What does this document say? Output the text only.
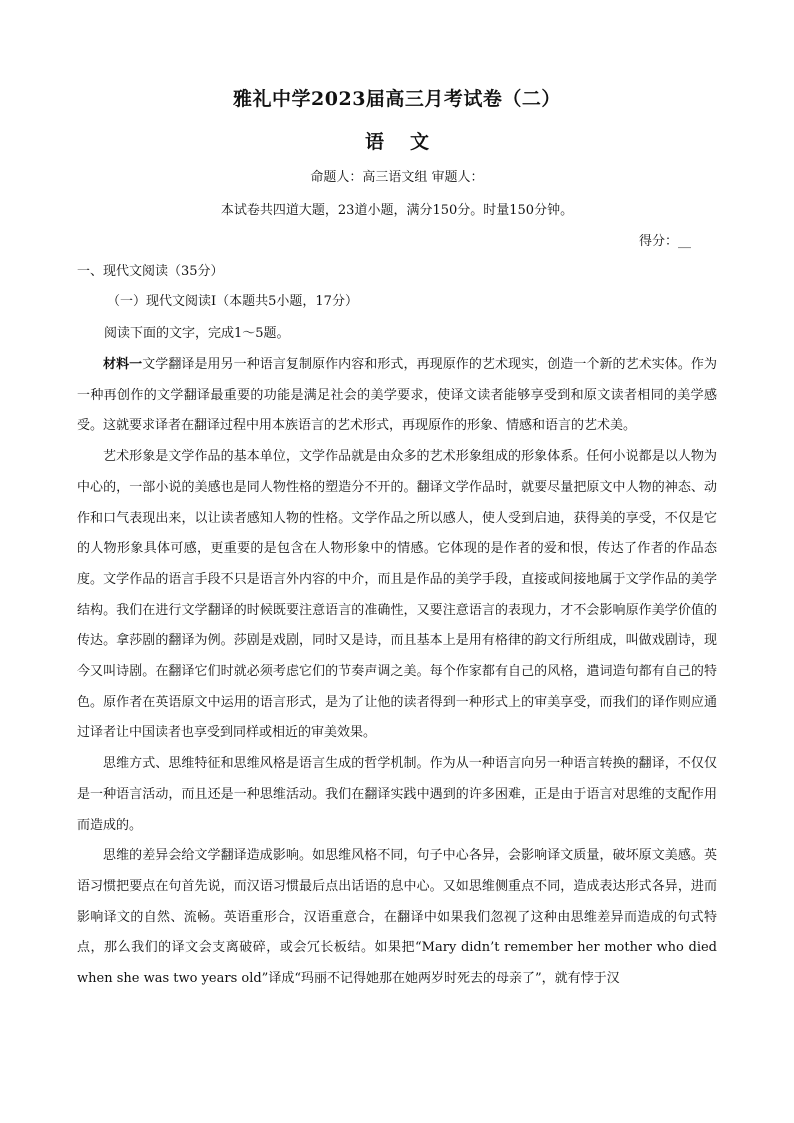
雅礼中学2023届高三月考试卷（二）
语文
命题人：高三语文组 审题人：
本试卷共四道大题，23道小题，满分150分。时量150分钟。
得分：__
一、现代文阅读（35分）
（一）现代文阅读Ⅰ（本题共5小题，17分）
阅读下面的文字，完成1～5题。

材料一文学翻译是用另一种语言复制原作内容和形式，再现原作的艺术现实，创造一个新的艺术实体。作为一种再创作的文学翻译最重要的功能是满足社会的美学要求，使译文读者能够享受到和原文读者相同的美学感受。这就要求译者在翻译过程中用本族语言的艺术形式，再现原作的形象、情感和语言的艺术美。

艺术形象是文学作品的基本单位，文学作品就是由众多的艺术形象组成的形象体系。任何小说都是以人物为中心的，一部小说的美感也是同人物性格的塑造分不开的。翻译文学作品时，就要尽量把原文中人物的神态、动作和口气表现出来，以让读者感知人物的性格。文学作品之所以感人，使人受到启迪，获得美的享受，不仅是它的人物形象具体可感，更重要的是包含在人物形象中的情感。它体现的是作者的爱和恨，传达了作者的作品态度。文学作品的语言手段不只是语言外内容的中介，而且是作品的美学手段，直接或间接地属于文学作品的美学结构。我们在进行文学翻译的时候既要注意语言的准确性，又要注意语言的表现力，才不会影响原作美学价值的传达。拿莎剧的翻译为例。莎剧是戏剧，同时又是诗，而且基本上是用有格律的韵文行所组成，叫做戏剧诗，现今又叫诗剧。在翻译它们时就必须考虑它们的节奏声调之美。每个作家都有自己的风格，遣词造句都有自己的特色。原作者在英语原文中运用的语言形式，是为了让他的读者得到一种形式上的审美享受，而我们的译作则应通过译者让中国读者也享受到同样或相近的审美效果。

思维方式、思维特征和思维风格是语言生成的哲学机制。作为从一种语言向另一种语言转换的翻译，不仅仅是一种语言活动，而且还是一种思维活动。我们在翻译实践中遇到的许多困难，正是由于语言对思维的支配作用而造成的。

思维的差异会给文学翻译造成影响。如思维风格不同，句子中心各异，会影响译文质量，破坏原文美感。英语习惯把要点在句首先说，而汉语习惯最后点出话语的息中心。又如思维侧重点不同，造成表达形式各异，进而影响译文的自然、流畅。英语重形合，汉语重意合，在翻译中如果我们忽视了这种由思维差异而造成的句式特点，那么我们的译文会支离破碎，或会冗长板结。如果把“Mary didn’t remember her mother who died when she was two years old”译成“玛丽不记得她那在她两岁时死去的母亲了”，就有悖于汉
